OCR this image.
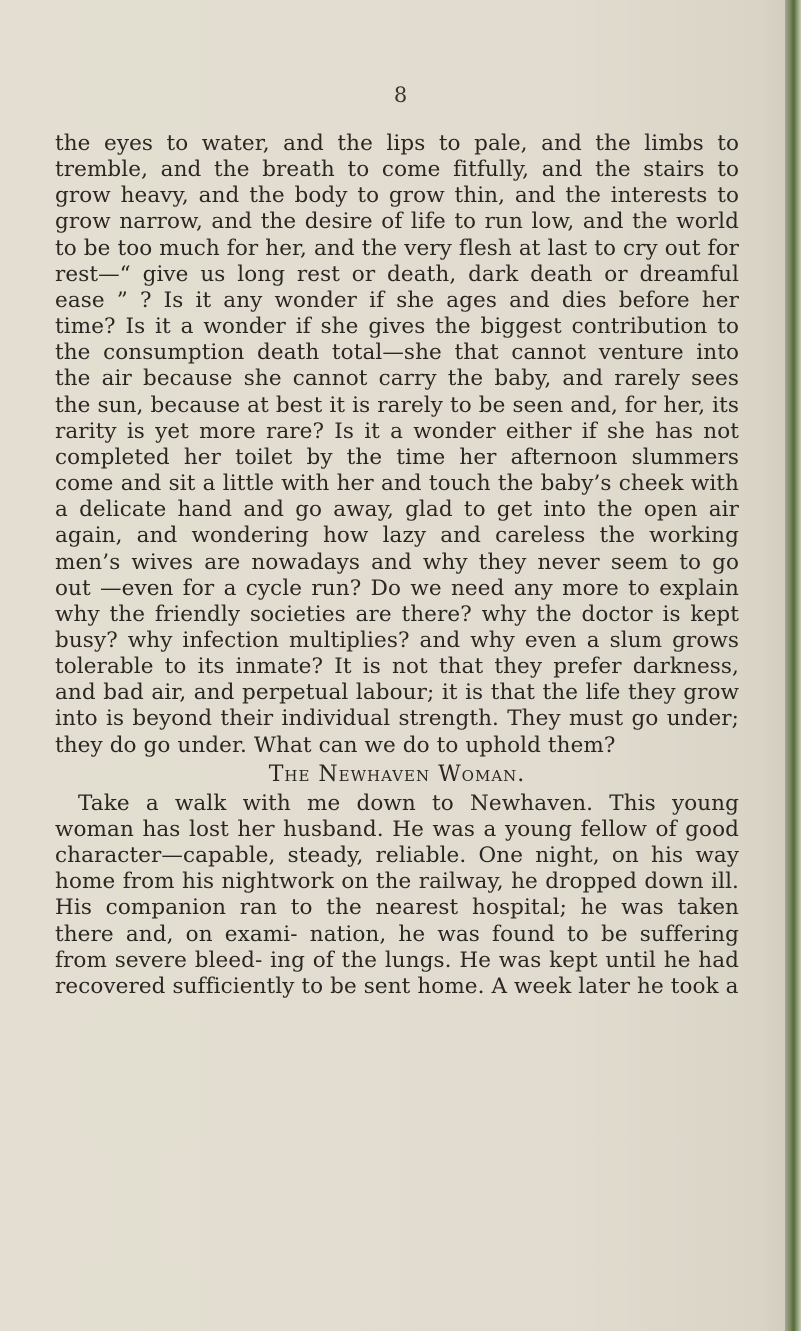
8

the eyes to water, and the lips to pale, and the limbs to tremble, and the breath to come fitfully, and the stairs to grow heavy, and the body to grow thin, and the interests to grow narrow, and the desire of life to run low, and the world to be too much for her, and the very flesh at last to cry out for rest—“ give us long rest or death, dark death or dreamful ease ” ? Is it any wonder if she ages and dies before her time? Is it a wonder if she gives the biggest contribution to the consumption death total—she that cannot venture into the air because she cannot carry the baby, and rarely sees the sun, because at best it is rarely to be seen and, for her, its rarity is yet more rare? Is it a wonder either if she has not completed her toilet by the time her afternoon slummers come and sit a little with her and touch the baby’s cheek with a delicate hand and go away, glad to get into the open air again, and wondering how lazy and careless the working men’s wives are nowadays and why they never seem to go out —even for a cycle run? Do we need any more to explain why the friendly societies are there? why the doctor is kept busy? why infection multiplies? and why even a slum grows tolerable to its inmate? It is not that they prefer darkness, and bad air, and perpetual labour; it is that the life they grow into is beyond their individual strength. They must go under; they do go under. What can we do to uphold them?

The Newhaven Woman.

Take a walk with me down to Newhaven. This young woman has lost her husband. He was a young fellow of good character—capable, steady, reliable. One night, on his way home from his nightwork on the railway, he dropped down ill. His companion ran to the nearest hospital; he was taken there and, on exami- nation, he was found to be suffering from severe bleed- ing of the lungs. He was kept until he had recovered sufficiently to be sent home. A week later he took a
